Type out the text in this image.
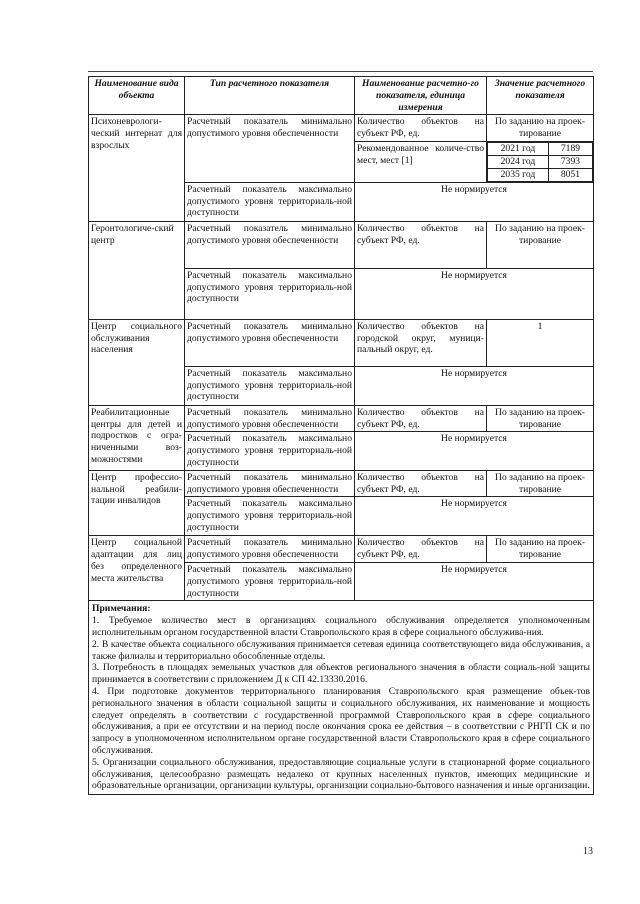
Наименование вида объекта	Тип расчетного показателя	Наименование расчетно-го показателя, единица измерения	Значение расчетного показателя
Психоневрологи-ческий интернат для взрослых	Расчетный показатель минимально допустимого уровня обеспеченности	Количество объектов на субъект РФ, ед.	По заданию на проек-тирование
Рекомендованное количе-ство мест, мест [1]	
2021 год	7189
2024 год	7393
2035 год	8051

Расчетный показатель максимально допустимого уровня территориаль-ной доступности	Не нормируется
Геронтологиче-ский центр	Расчетный показатель минимально допустимого уровня обеспеченности	Количество объектов на субъект РФ, ед.	По заданию на проек-тирование
Расчетный показатель максимально допустимого уровня территориаль-ной доступности	Не нормируется
Центр социального обслуживания населения	Расчетный показатель минимально допустимого уровня обеспеченности	Количество объектов на городской округ, муници-пальный округ, ед.	1
Расчетный показатель максимально допустимого уровня территориаль-ной доступности	Не нормируется
Реабилитационные центры для детей и подростков с огра-ниченными воз-можностями	Расчетный показатель минимально допустимого уровня обеспеченности	Количество объектов на субъект РФ, ед.	По заданию на проек-тирование
Расчетный показатель максимально допустимого уровня территориаль-ной доступности	Не нормируется
Центр профессио-нальной реабили-тации инвалидов	Расчетный показатель минимально допустимого уровня обеспеченности	Количество объектов на субъект РФ, ед.	По заданию на проек-тирование
Расчетный показатель максимально допустимого уровня территориаль-ной доступности	Не нормируется
Центр социальной адаптации для лиц без определенного места жительства	Расчетный показатель минимально допустимого уровня обеспеченности	Количество объектов на субъект РФ, ед.	По заданию на проек-тирование
Расчетный показатель максимально допустимого уровня территориаль-ной доступности	Не нормируется

Примечания:
1. Требуемое количество мест в организациях социального обслуживания определяется уполномоченным исполнительным органом государственной власти Ставропольского края в сфере социального обслужива-ния.
2. В качестве объекта социального обслуживания принимается сетевая единица соответствующего вида обслуживания, а также филиалы и территориально обособленные отделы.
3. Потребность в площадях земельных участков для объектов регионального значения в области социаль-ной защиты принимается в соответствии с приложением Д к СП 42.13330.2016.
4. При подготовке документов территориального планирования Ставропольского края размещение объек-тов регионального значения в области социальной защиты и социального обслуживания, их наименование и мощность следует определять в соответствии с государственной программой Ставропольского края в сфере социального обслуживания, а при ее отсутствии и на период после окончания срока ее действия – в соответствии с РНГП СК и по запросу в уполномоченном исполнительном органе государственной власти Ставропольского края в сфере социального обслуживания.
5. Организации социального обслуживания, предоставляющие социальные услуги в стационарной форме социального обслуживания, целесообразно размещать недалеко от крупных населенных пунктов, имеющих медицинские и образовательные организации, организации культуры, организации социально-бытового назначения и иные организации.
13
